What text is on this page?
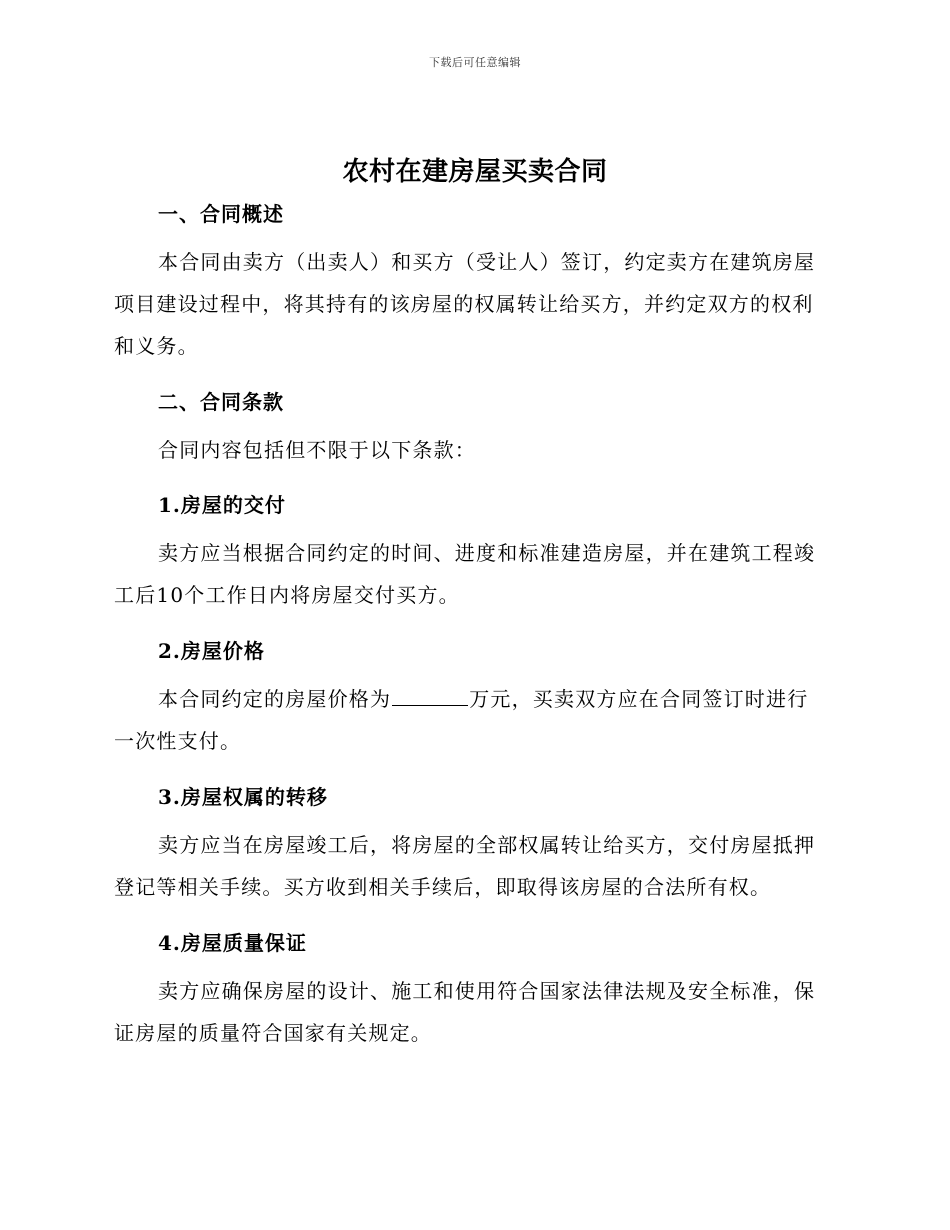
下载后可任意编辑
农村在建房屋买卖合同
一、合同概述
本合同由卖方（出卖人）和买方（受让人）签订，约定卖方在建筑房屋
项目建设过程中，将其持有的该房屋的权属转让给买方，并约定双方的权利
和义务。
二、合同条款
合同内容包括但不限于以下条款：
1.房屋的交付
卖方应当根据合同约定的时间、进度和标准建造房屋，并在建筑工程竣
工后10个工作日内将房屋交付买方。
2.房屋价格
本合同约定的房屋价格为	万元，买卖双方应在合同签订时进行
一次性支付。
3.房屋权属的转移
卖方应当在房屋竣工后，将房屋的全部权属转让给买方，交付房屋抵押
登记等相关手续。买方收到相关手续后，即取得该房屋的合法所有权。
4.房屋质量保证
卖方应确保房屋的设计、施工和使用符合国家法律法规及安全标准，保
证房屋的质量符合国家有关规定。
